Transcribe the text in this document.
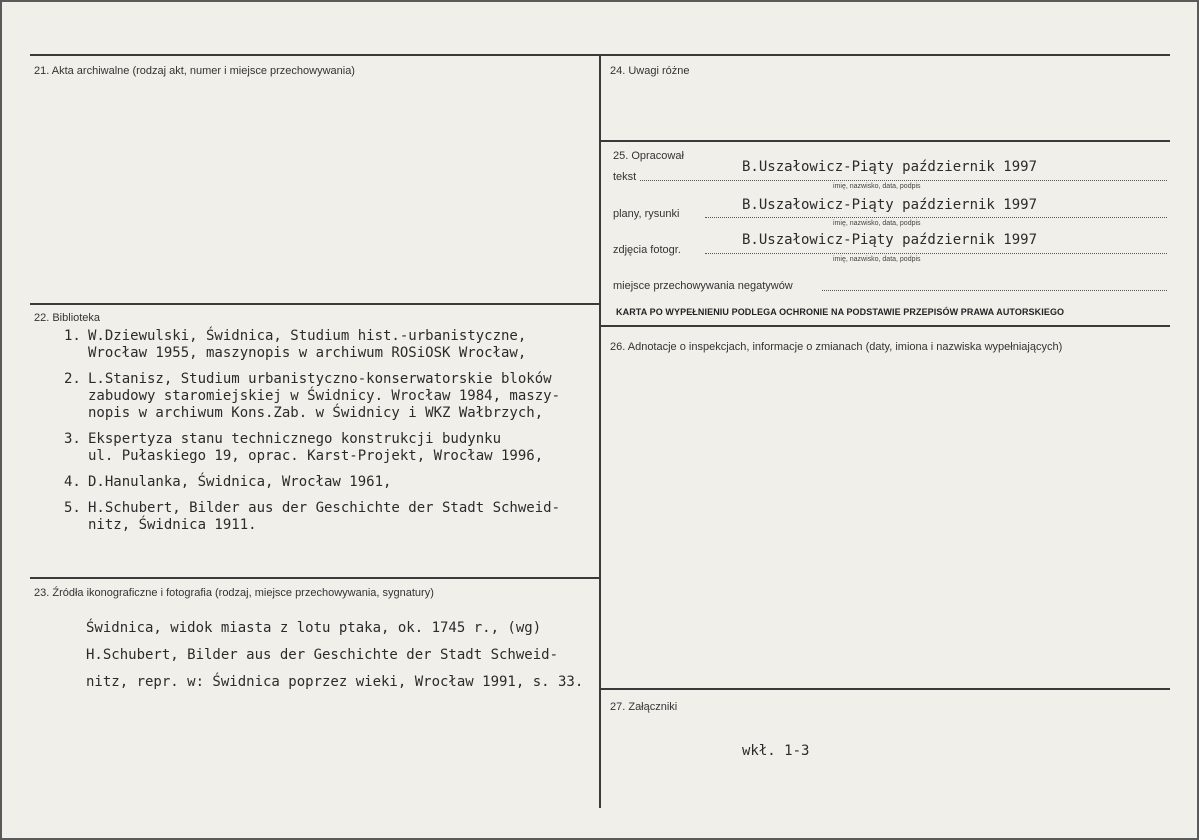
21. Akta archiwalne (rodzaj akt, numer i miejsce przechowywania)
22. Biblioteka
1. W.Dziewulski, Świdnica, Studium hist.-urbanistyczne,
Wrocław 1955, maszynopis w archiwum ROSiOSK Wrocław,
2. L.Stanisz, Studium urbanistyczno-konserwatorskie bloków
zabudowy staromiejskiej w Świdnicy. Wrocław 1984, maszy-
nopis w archiwum Kons.Zab. w Świdnicy i WKZ Wałbrzych,
3. Ekspertyza stanu technicznego konstrukcji budynku
ul. Pułaskiego 19, oprac. Karst-Projekt, Wrocław 1996,
4. D.Hanulanka, Świdnica, Wrocław 1961,
5. H.Schubert, Bilder aus der Geschichte der Stadt Schweid-
nitz, Świdnica 1911.
23. Źródła ikonograficzne i fotografia (rodzaj, miejsce przechowywania, sygnatury)
Świdnica, widok miasta z lotu ptaka, ok. 1745 r., (wg)
H.Schubert, Bilder aus der Geschichte der Stadt Schweid-
nitz, repr. w: Świdnica poprzez wieki, Wrocław 1991, s. 33.
24. Uwagi różne
25. Opracował
tekst
B.Uszałowicz-Piąty październik 1997
imię, nazwisko, data, podpis
plany, rysunki
B.Uszałowicz-Piąty październik 1997
imię, nazwisko, data, podpis
zdjęcia fotogr.
B.Uszałowicz-Piąty październik 1997
imię, nazwisko, data, podpis
miejsce przechowywania negatywów
KARTA PO WYPEŁNIENIU PODLEGA OCHRONIE NA PODSTAWIE PRZEPISÓW PRAWA AUTORSKIEGO
26. Adnotacje o inspekcjach, informacje o zmianach (daty, imiona i nazwiska wypełniających)
27. Załączniki
wkł. 1-3
